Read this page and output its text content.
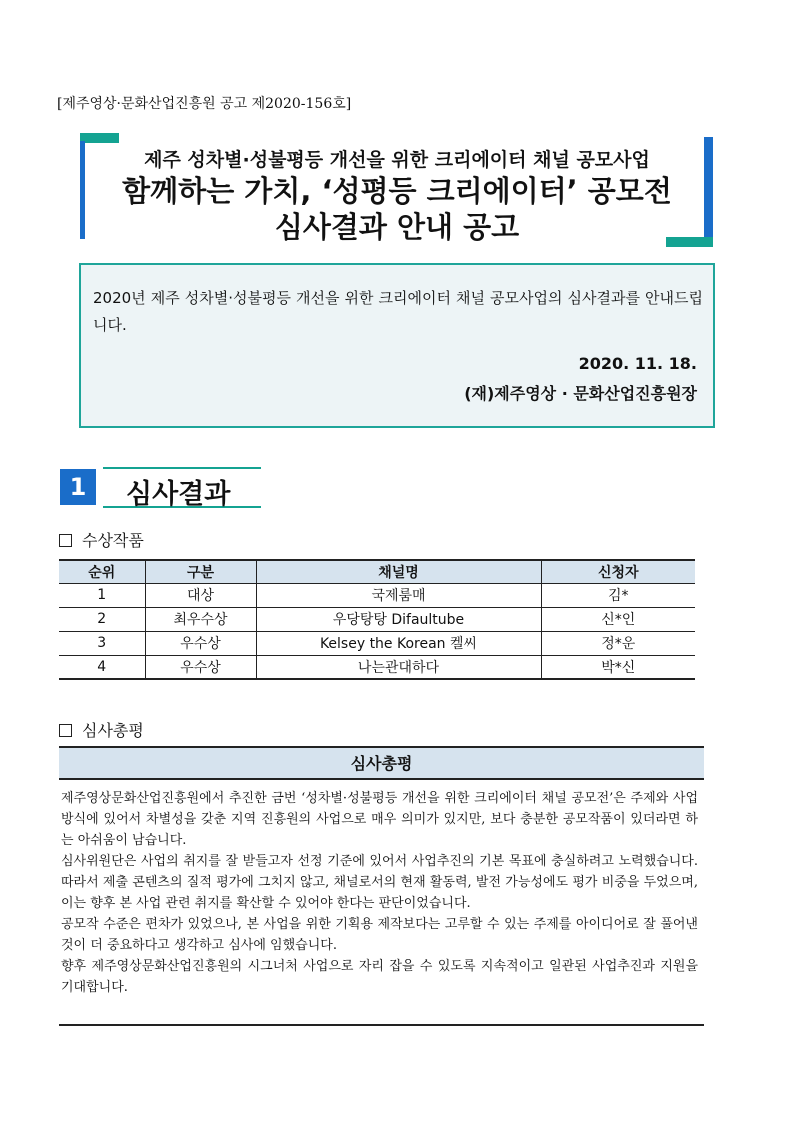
[제주영상·문화산업진흥원 공고 제2020-156호]
제주 성차별·성불평등 개선을 위한 크리에이터 채널 공모사업
함께하는 가치, ‘성평등 크리에이터’ 공모전
심사결과 안내 공고
2020년 제주 성차별·성불평등 개선을 위한 크리에이터 채널 공모사업의 심사결과를 안내드립니다.
2020. 11. 18.
(재)제주영상 · 문화산업진흥원장
1	심사결과
수상작품
순위	구분	채널명	신청자
1	대상	국제룸매	김*
2	최우수상	우당탕탕 Difaultube	신*인
3	우수상	Kelsey the Korean 켈씨	정*운
4	우수상	나는관대하다	박*신
심사총평
심사총평

제주영상문화산업진흥원에서 추진한 금번 ‘성차별·성불평등 개선을 위한 크리에이터 채널 공모전’은 주제와 사업방식에 있어서 차별성을 갖춘 지역 진흥원의 사업으로 매우 의미가 있지만, 보다 충분한 공모작품이 있더라면 하는 아쉬움이 남습니다.

심사위원단은 사업의 취지를 잘 받들고자 선정 기준에 있어서 사업추진의 기본 목표에 충실하려고 노력했습니다. 따라서 제출 콘텐츠의 질적 평가에 그치지 않고, 채널로서의 현재 활동력, 발전 가능성에도 평가 비중을 두었으며, 이는 향후 본 사업 관련 취지를 확산할 수 있어야 한다는 판단이었습니다.

공모작 수준은 편차가 있었으나, 본 사업을 위한 기획용 제작보다는 고루할 수 있는 주제를 아이디어로 잘 풀어낸 것이 더 중요하다고 생각하고 심사에 임했습니다.

향후 제주영상문화산업진흥원의 시그너처 사업으로 자리 잡을 수 있도록 지속적이고 일관된 사업추진과 지원을 기대합니다.
